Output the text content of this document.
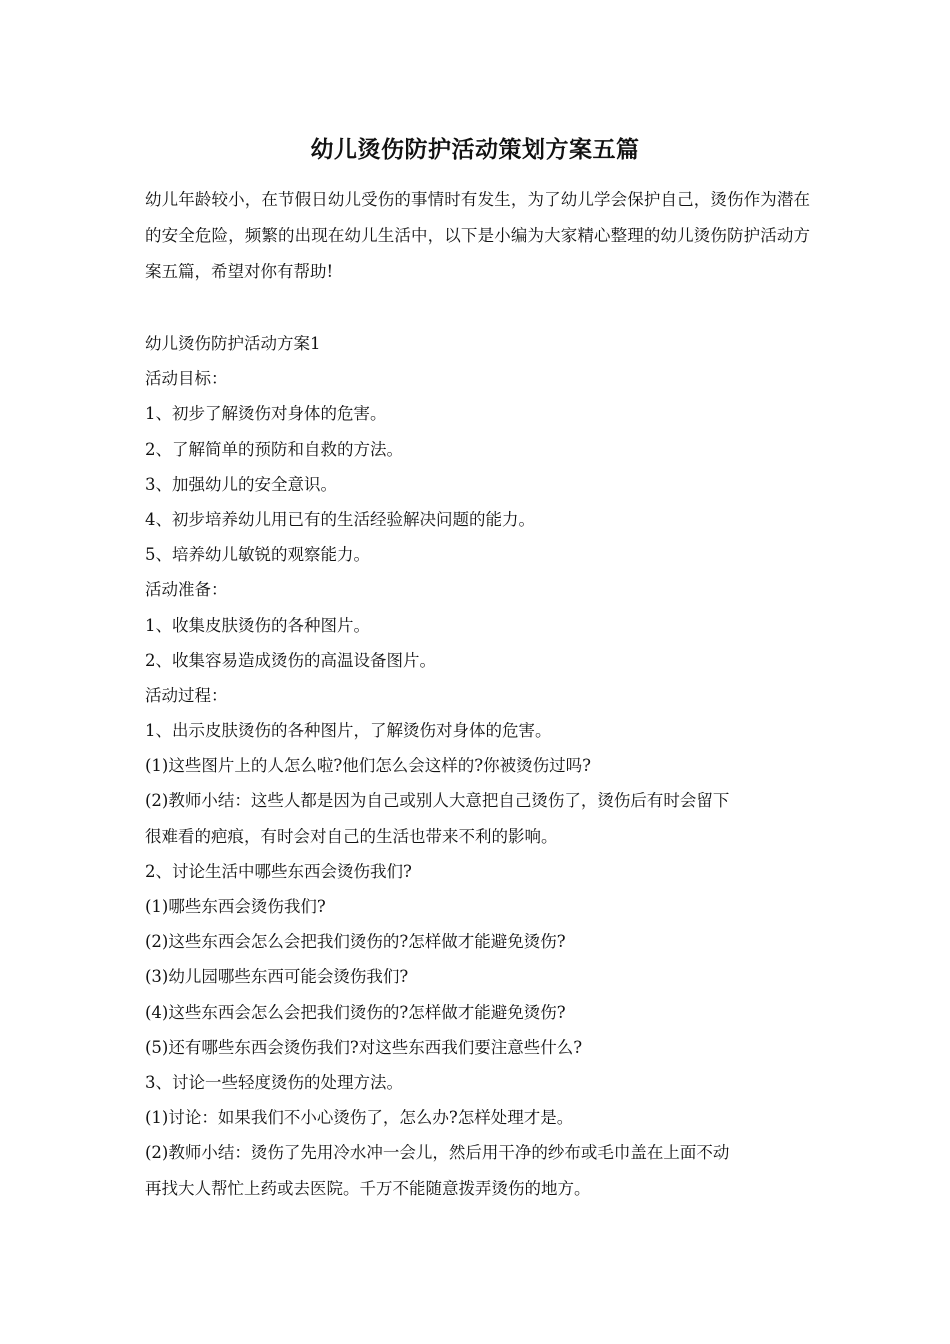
幼儿烫伤防护活动策划方案五篇

幼儿年龄较小，在节假日幼儿受伤的事情时有发生，为了幼儿学会保护自己，烫伤作为潜在的安全危险，频繁的出现在幼儿生活中，以下是小编为大家精心整理的幼儿烫伤防护活动方案五篇，希望对你有帮助!

幼儿烫伤防护活动方案1
活动目标：
1、初步了解烫伤对身体的危害。
2、了解简单的预防和自救的方法。
3、加强幼儿的安全意识。
4、初步培养幼儿用已有的生活经验解决问题的能力。
5、培养幼儿敏锐的观察能力。
活动准备：
1、收集皮肤烫伤的各种图片。
2、收集容易造成烫伤的高温设备图片。
活动过程：
1、出示皮肤烫伤的各种图片，了解烫伤对身体的危害。
(1)这些图片上的人怎么啦?他们怎么会这样的?你被烫伤过吗?
(2)教师小结：这些人都是因为自己或别人大意把自己烫伤了，烫伤后有时会留下
很难看的疤痕，有时会对自己的生活也带来不利的影响。
2、讨论生活中哪些东西会烫伤我们?
(1)哪些东西会烫伤我们?
(2)这些东西会怎么会把我们烫伤的?怎样做才能避免烫伤?
(3)幼儿园哪些东西可能会烫伤我们?
(4)这些东西会怎么会把我们烫伤的?怎样做才能避免烫伤?
(5)还有哪些东西会烫伤我们?对这些东西我们要注意些什么?
3、讨论一些轻度烫伤的处理方法。
(1)讨论：如果我们不小心烫伤了，怎么办?怎样处理才是。
(2)教师小结：烫伤了先用冷水冲一会儿，然后用干净的纱布或毛巾盖在上面不动
再找大人帮忙上药或去医院。千万不能随意拨弄烫伤的地方。
